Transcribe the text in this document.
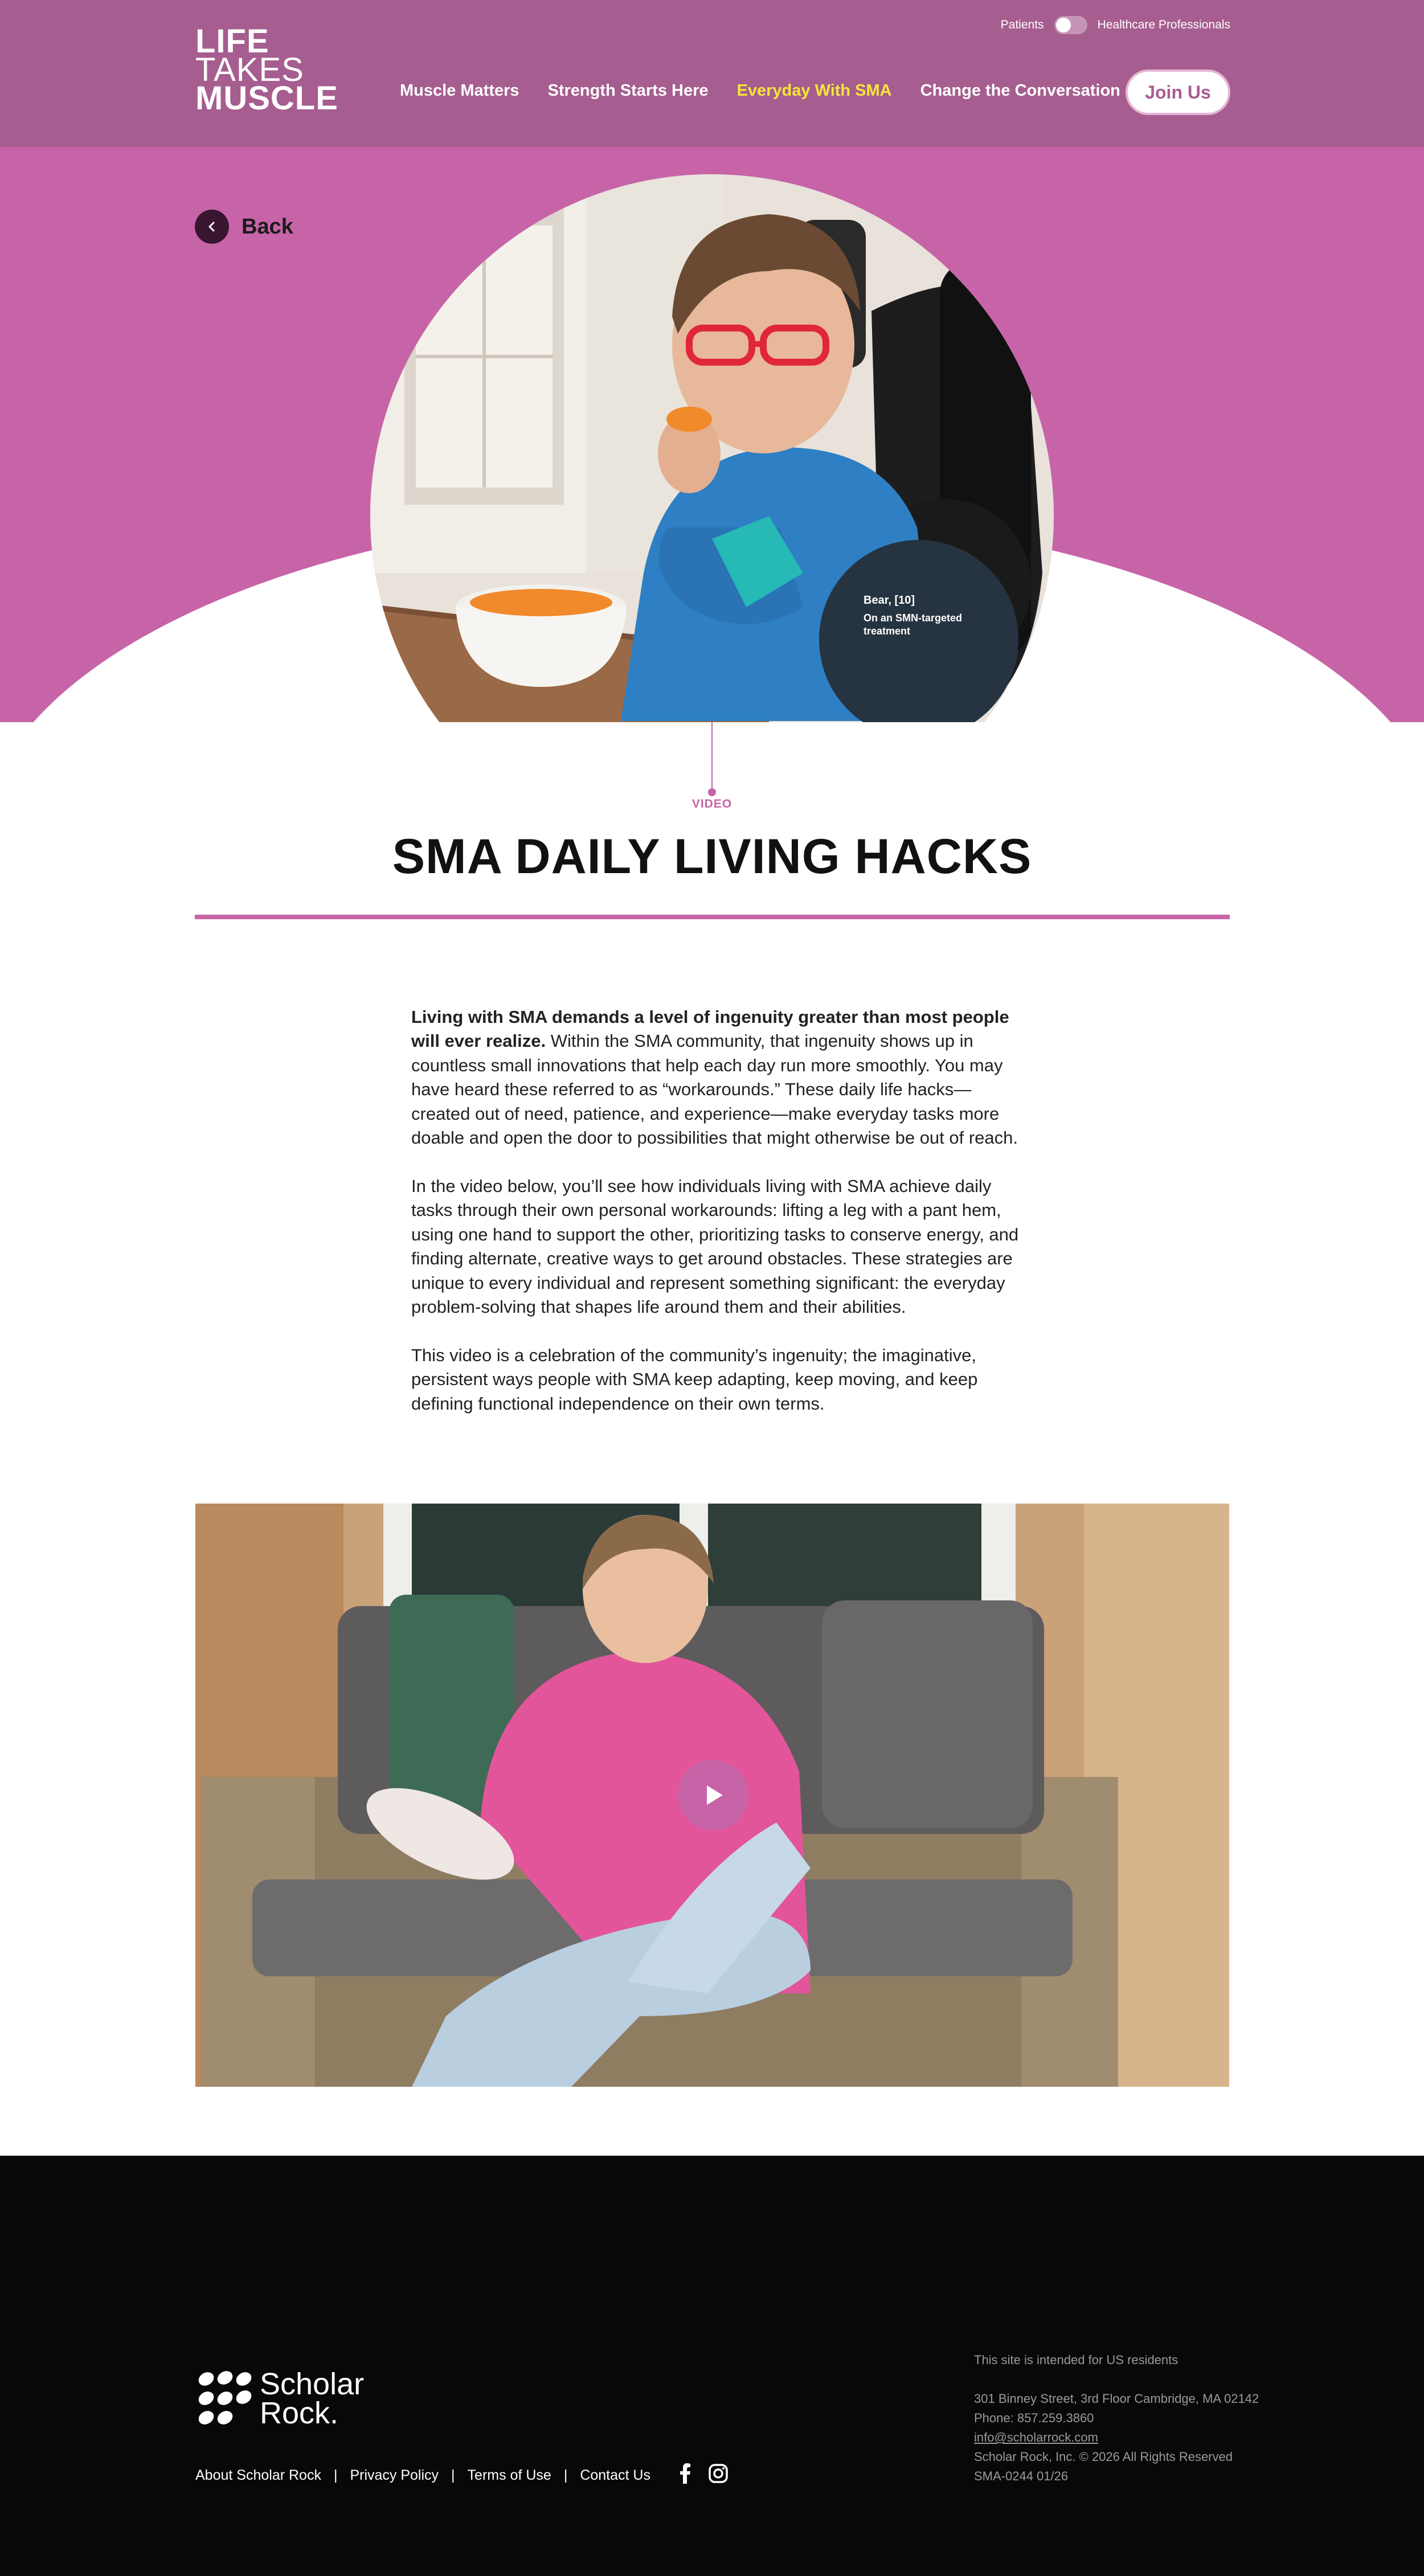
LIFE
TAKES
MUSCLE
Patients	Healthcare Professionals
Muscle Matters Strength Starts Here Everyday With SMA Change the Conversation	Join Us
Back
Bear, [10]
On an SMN-targeted treatment
VIDEO
SMA DAILY LIVING HACKS

Living with SMA demands a level of ingenuity greater than most people will ever realize. Within the SMA community, that ingenuity shows up in countless small innovations that help each day run more smoothly. You may have heard these referred to as “workarounds.” These daily life hacks—created out of need, patience, and experience—make everyday tasks more doable and open the door to possibilities that might otherwise be out of reach.

In the video below, you’ll see how individuals living with SMA achieve daily tasks through their own personal workarounds: lifting a leg with a pant hem, using one hand to support the other, prioritizing tasks to conserve energy, and finding alternate, creative ways to get around obstacles. These strategies are unique to every individual and represent something significant: the everyday problem-solving that shapes life around them and their abilities.

This video is a celebration of the community’s ingenuity; the imaginative, persistent ways people with SMA keep adapting, keep moving, and keep defining functional independence on their own terms.

Scholar
Rock.
About Scholar Rock | Privacy Policy | Terms of Use | Contact Us
This site is intended for US residents
301 Binney Street, 3rd Floor Cambridge, MA 02142
Phone: 857.259.3860
info@scholarrock.com
Scholar Rock, Inc. © 2026 All Rights Reserved
SMA-0244 01/26
